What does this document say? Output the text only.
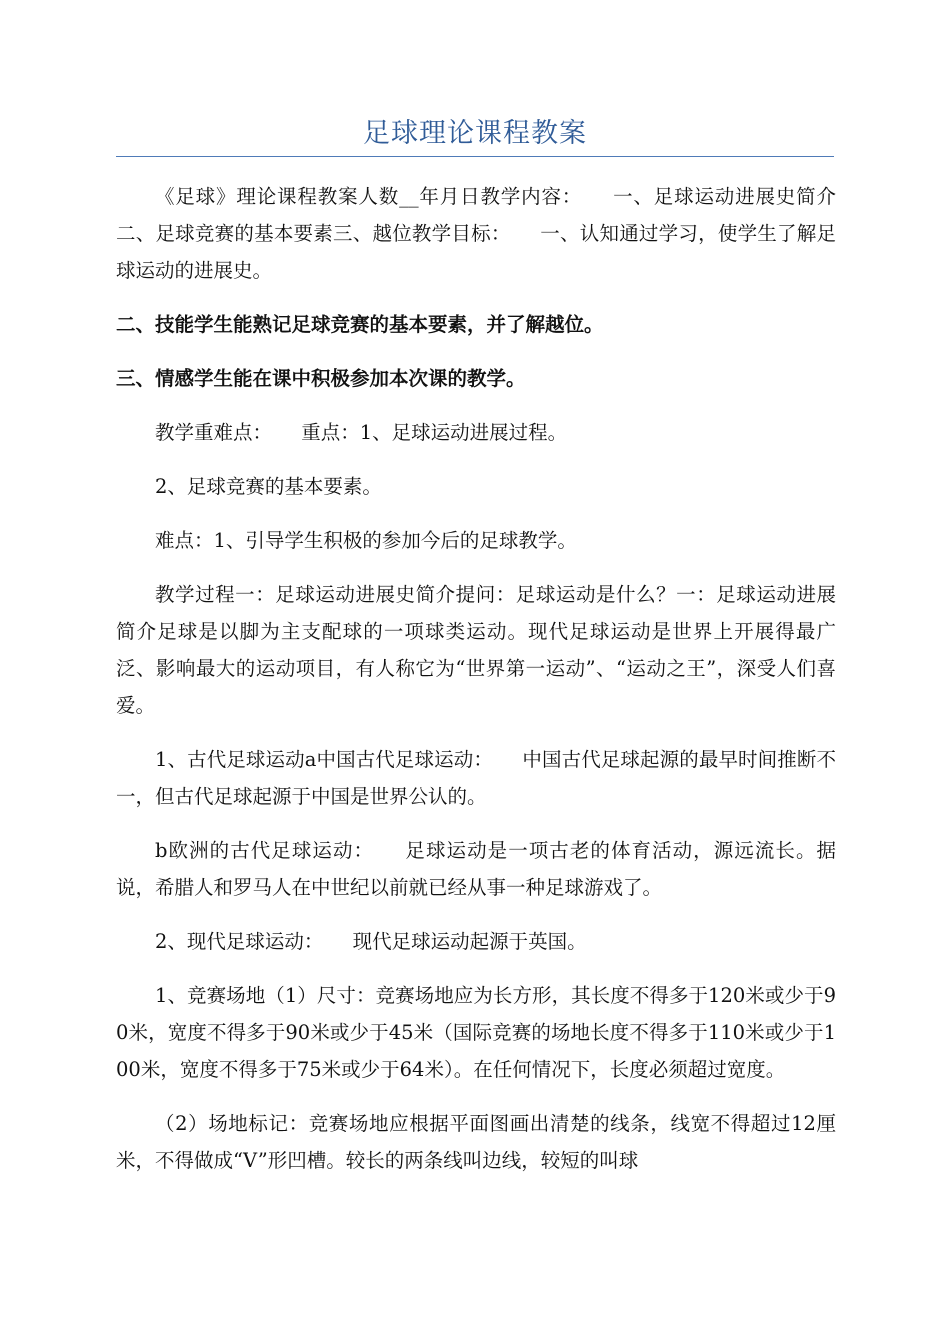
足球理论课程教案

《足球》理论课程教案人数__年月日教学内容：　　一、足球运动进展史简介二、足球竞赛的基本要素三、越位教学目标：　　一、认知通过学习，使学生了解足球运动的进展史。

二、技能学生能熟记足球竞赛的基本要素，并了解越位。

三、情感学生能在课中积极参加本次课的教学。

教学重难点：　　重点：1、足球运动进展过程。

2、足球竞赛的基本要素。

难点：1、引导学生积极的参加今后的足球教学。

教学过程一：足球运动进展史简介提问：足球运动是什么？一：足球运动进展简介足球是以脚为主支配球的一项球类运动。现代足球运动是世界上开展得最广泛、影响最大的运动项目，有人称它为“世界第一运动”、“运动之王”，深受人们喜爱。

1、古代足球运动a中国古代足球运动：　　中国古代足球起源的最早时间推断不一，但古代足球起源于中国是世界公认的。

b欧洲的古代足球运动：　　足球运动是一项古老的体育活动，源远流长。据说，希腊人和罗马人在中世纪以前就已经从事一种足球游戏了。

2、现代足球运动：　　现代足球运动起源于英国。

1、竞赛场地（1）尺寸：竞赛场地应为长方形，其长度不得多于120米或少于90米，宽度不得多于90米或少于45米（国际竞赛的场地长度不得多于110米或少于100米，宽度不得多于75米或少于64米）。在任何情况下，长度必须超过宽度。

（2）场地标记：竞赛场地应根据平面图画出清楚的线条，线宽不得超过12厘米，不得做成“V”形凹槽。较长的两条线叫边线，较短的叫球
